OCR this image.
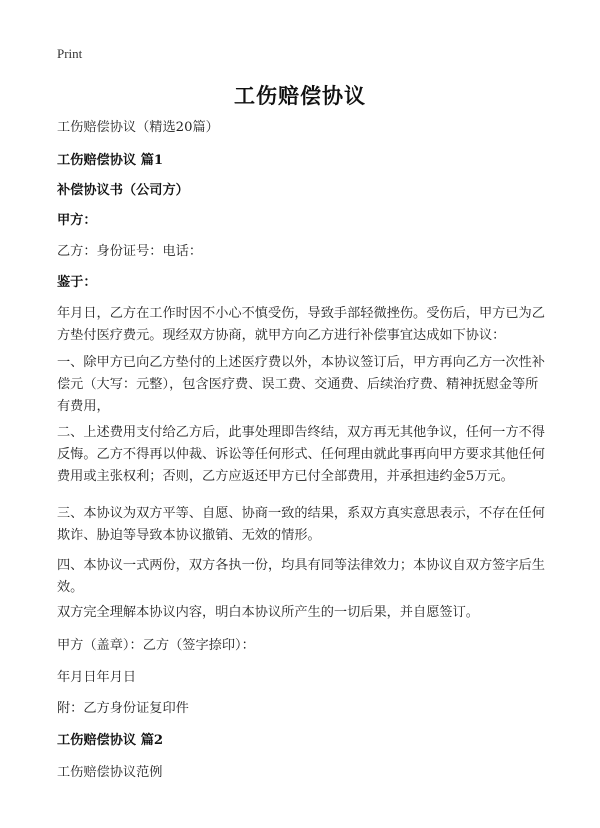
Print
工伤赔偿协议

工伤赔偿协议（精选20篇）

工伤赔偿协议 篇1

补偿协议书（公司方）

甲方：

乙方：身份证号：电话：

鉴于：

年月日，乙方在工作时因不小心不慎受伤，导致手部轻微挫伤。受伤后，甲方已为乙方垫付医疗费元。现经双方协商，就甲方向乙方进行补偿事宜达成如下协议：

一、除甲方已向乙方垫付的上述医疗费以外，本协议签订后，甲方再向乙方一次性补偿元（大写：元整），包含医疗费、误工费、交通费、后续治疗费、精神抚慰金等所有费用，

二、上述费用支付给乙方后，此事处理即告终结，双方再无其他争议，任何一方不得反悔。乙方不得再以仲裁、诉讼等任何形式、任何理由就此事再向甲方要求其他任何费用或主张权利；否则，乙方应返还甲方已付全部费用，并承担违约金5万元。

三、本协议为双方平等、自愿、协商一致的结果，系双方真实意思表示，不存在任何欺诈、胁迫等导致本协议撤销、无效的情形。

四、本协议一式两份，双方各执一份，均具有同等法律效力；本协议自双方签字后生效。

双方完全理解本协议内容，明白本协议所产生的一切后果，并自愿签订。

甲方（盖章）：乙方（签字捺印）：

年月日年月日

附：乙方身份证复印件

工伤赔偿协议 篇2

工伤赔偿协议范例
